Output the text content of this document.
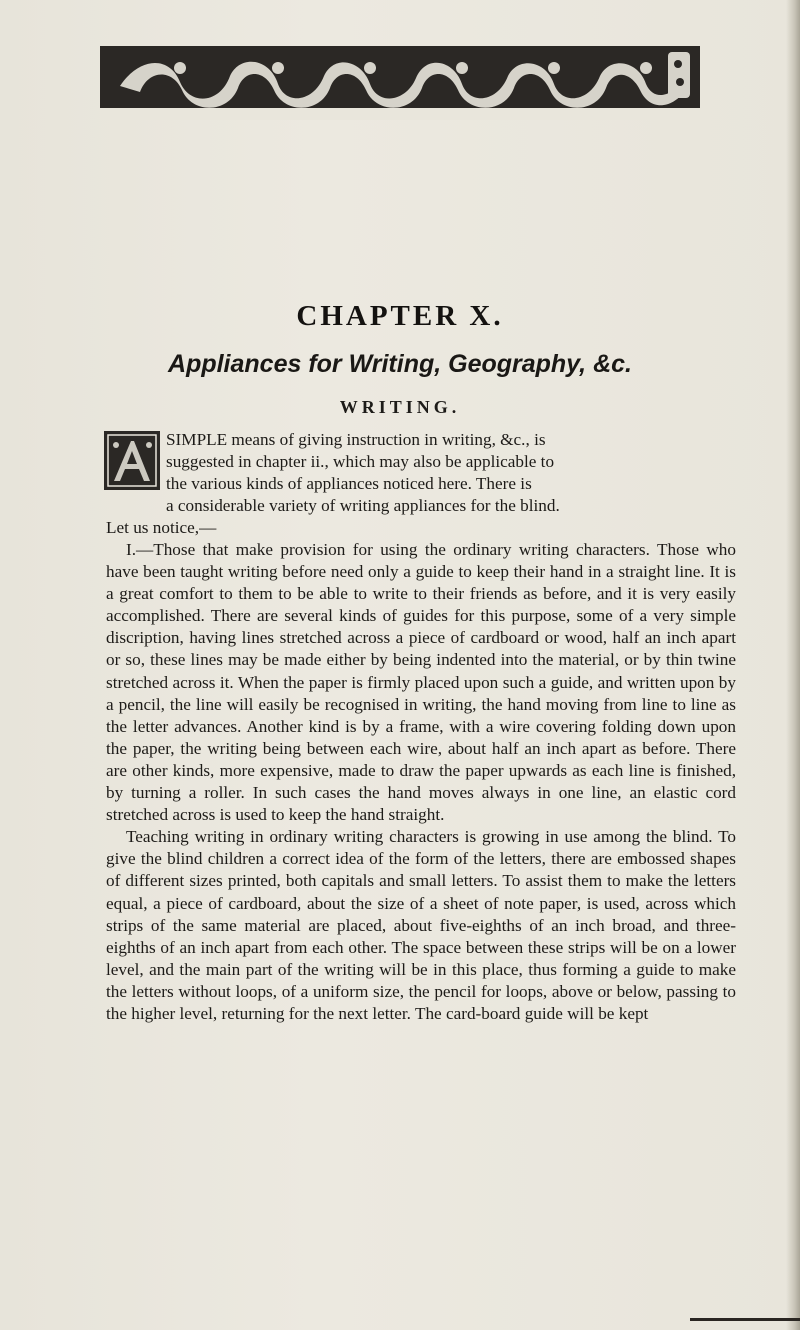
CHAPTER X.
Appliances for Writing, Geography, &c.
WRITING.

SIMPLE means of giving instruction in writing, &c., is

suggested in chapter ii., which may also be applicable to

the various kinds of appliances noticed here. There is

a considerable variety of writing appliances for the blind.

Let us notice,—

I.—Those that make provision for using the ordinary writing characters. Those who have been taught writing before need only a guide to keep their hand in a straight line. It is a great comfort to them to be able to write to their friends as before, and it is very easily accomplished. There are several kinds of guides for this purpose, some of a very simple discription, having lines stretched across a piece of cardboard or wood, half an inch apart or so, these lines may be made either by being indented into the material, or by thin twine stretched across it. When the paper is firmly placed upon such a guide, and written upon by a pencil, the line will easily be recognised in writing, the hand moving from line to line as the letter advances. Another kind is by a frame, with a wire covering folding down upon the paper, the writing being between each wire, about half an inch apart as before. There are other kinds, more expensive, made to draw the paper upwards as each line is finished, by turning a roller. In such cases the hand moves always in one line, an elastic cord stretched across is used to keep the hand straight.

Teaching writing in ordinary writing characters is growing in use among the blind. To give the blind children a correct idea of the form of the letters, there are embossed shapes of different sizes printed, both capitals and small letters. To assist them to make the letters equal, a piece of cardboard, about the size of a sheet of note paper, is used, across which strips of the same material are placed, about five-eighths of an inch broad, and three-eighths of an inch apart from each other. The space between these strips will be on a lower level, and the main part of the writing will be in this place, thus forming a guide to make the letters without loops, of a uniform size, the pencil for loops, above or below, passing to the higher level, returning for the next letter. The card-board guide will be kept
